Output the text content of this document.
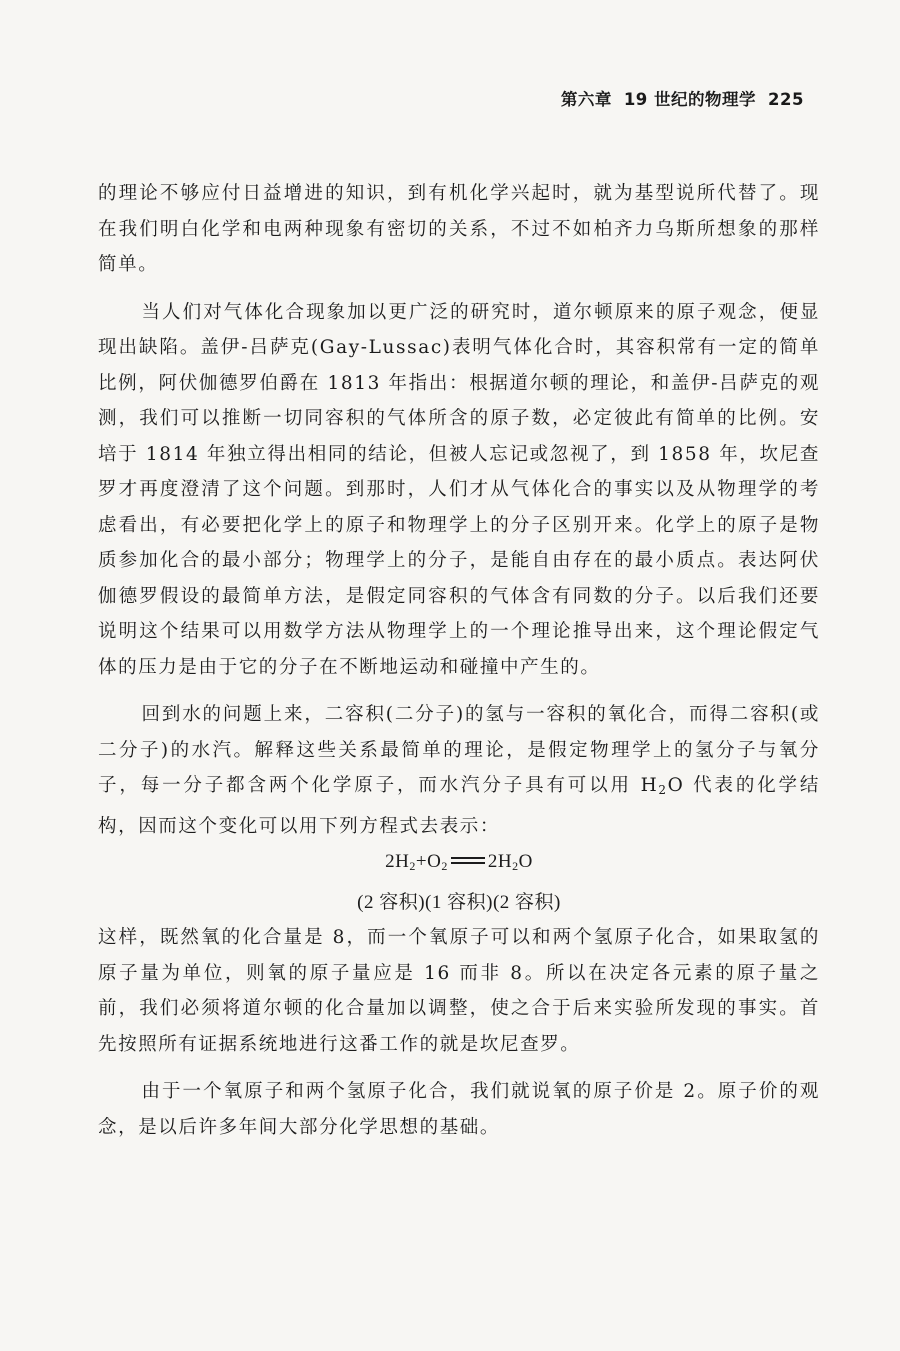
第六章 19 世纪的物理学 225

的理论不够应付日益增进的知识，到有机化学兴起时，就为基型说所代替了。现在我们明白化学和电两种现象有密切的关系，不过不如柏齐力乌斯所想象的那样简单。

当人们对气体化合现象加以更广泛的研究时，道尔顿原来的原子观念，便显现出缺陷。盖伊-吕萨克(Gay-Lussac)表明气体化合时，其容积常有一定的简单比例，阿伏伽德罗伯爵在 1813 年指出：根据道尔顿的理论，和盖伊-吕萨克的观测，我们可以推断一切同容积的气体所含的原子数，必定彼此有简单的比例。安培于 1814 年独立得出相同的结论，但被人忘记或忽视了，到 1858 年，坎尼查罗才再度澄清了这个问题。到那时，人们才从气体化合的事实以及从物理学的考虑看出，有必要把化学上的原子和物理学上的分子区别开来。化学上的原子是物质参加化合的最小部分；物理学上的分子，是能自由存在的最小质点。表达阿伏伽德罗假设的最简单方法，是假定同容积的气体含有同数的分子。以后我们还要说明这个结果可以用数学方法从物理学上的一个理论推导出来，这个理论假定气体的压力是由于它的分子在不断地运动和碰撞中产生的。

回到水的问题上来，二容积(二分子)的氢与一容积的氧化合，而得二容积(或二分子)的水汽。解释这些关系最简单的理论，是假定物理学上的氢分子与氧分子，每一分子都含两个化学原子，而水汽分子具有可以用 $H_2O$ 代表的化学结构，因而这个变化可以用下列方程式去表示：

$2H_2+O_2$ $2H_2O$

(2 容积)(1 容积)(2 容积)

这样，既然氧的化合量是 8，而一个氧原子可以和两个氢原子化合，如果取氢的原子量为单位，则氧的原子量应是 16 而非 8。所以在决定各元素的原子量之前，我们必须将道尔顿的化合量加以调整，使之合于后来实验所发现的事实。首先按照所有证据系统地进行这番工作的就是坎尼查罗。

由于一个氧原子和两个氢原子化合，我们就说氧的原子价是 2。原子价的观念，是以后许多年间大部分化学思想的基础。
